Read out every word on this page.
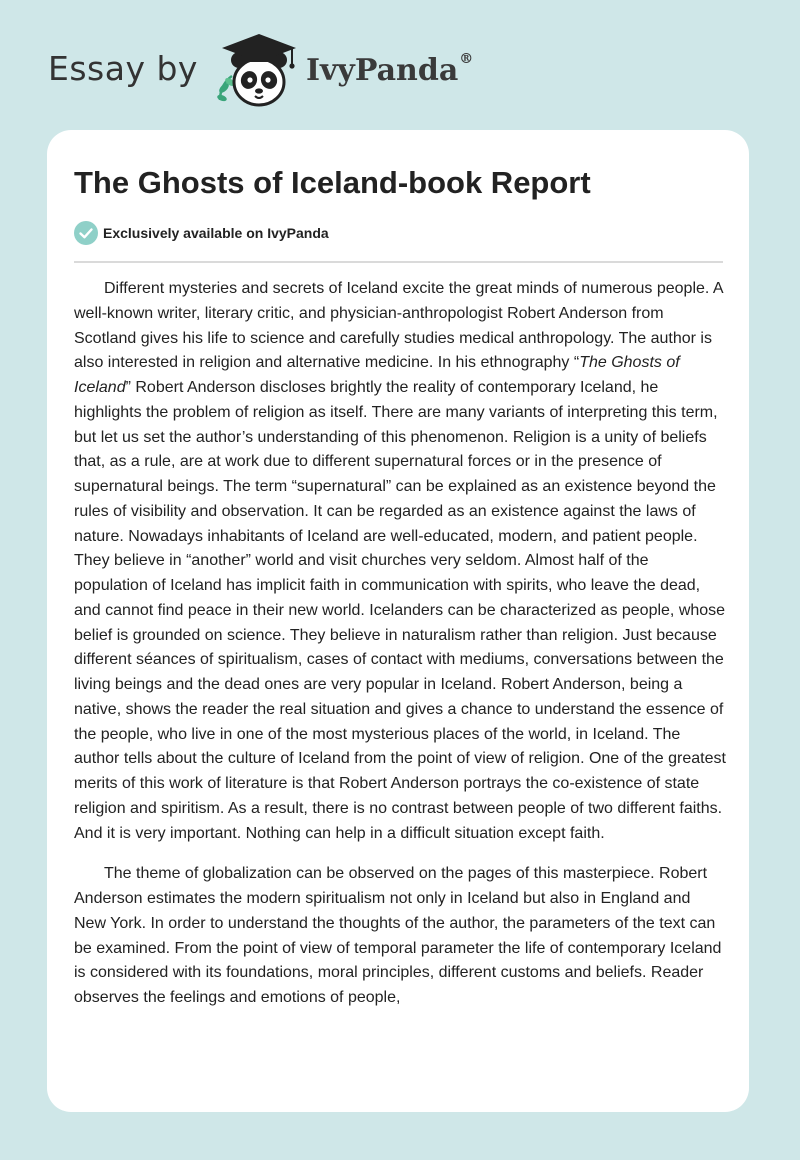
Essay by	IvyPanda®
The Ghosts of Iceland-book Report
Exclusively available on IvyPanda

Different mysteries and secrets of Iceland excite the great minds of numerous people. A well-known writer, literary critic, and physician-anthropologist Robert Anderson from Scotland gives his life to science and carefully studies medical anthropology. The author is also interested in religion and alternative medicine. In his ethnography “The Ghosts of Iceland” Robert Anderson discloses brightly the reality of contemporary Iceland, he highlights the problem of religion as itself. There are many variants of interpreting this term, but let us set the author’s understanding of this phenomenon. Religion is a unity of beliefs that, as a rule, are at work due to different supernatural forces or in the presence of supernatural beings. The term “supernatural” can be explained as an existence beyond the rules of visibility and observation. It can be regarded as an existence against the laws of nature. Nowadays inhabitants of Iceland are well-educated, modern, and patient people. They believe in “another” world and visit churches very seldom. Almost half of the population of Iceland has implicit faith in communication with spirits, who leave the dead, and cannot find peace in their new world. Icelanders can be characterized as people, whose belief is grounded on science. They believe in naturalism rather than religion. Just because different séances of spiritualism, cases of contact with mediums, conversations between the living beings and the dead ones are very popular in Iceland. Robert Anderson, being a native, shows the reader the real situation and gives a chance to understand the essence of the people, who live in one of the most mysterious places of the world, in Iceland. The author tells about the culture of Iceland from the point of view of religion. One of the greatest merits of this work of literature is that Robert Anderson portrays the co-existence of state religion and spiritism. As a result, there is no contrast between people of two different faiths. And it is very important. Nothing can help in a difficult situation except faith.

The theme of globalization can be observed on the pages of this masterpiece. Robert Anderson estimates the modern spiritualism not only in Iceland but also in England and New York. In order to understand the thoughts of the author, the parameters of the text can be examined. From the point of view of temporal parameter the life of contemporary Iceland is considered with its foundations, moral principles, different customs and beliefs. Reader observes the feelings and emotions of people,
